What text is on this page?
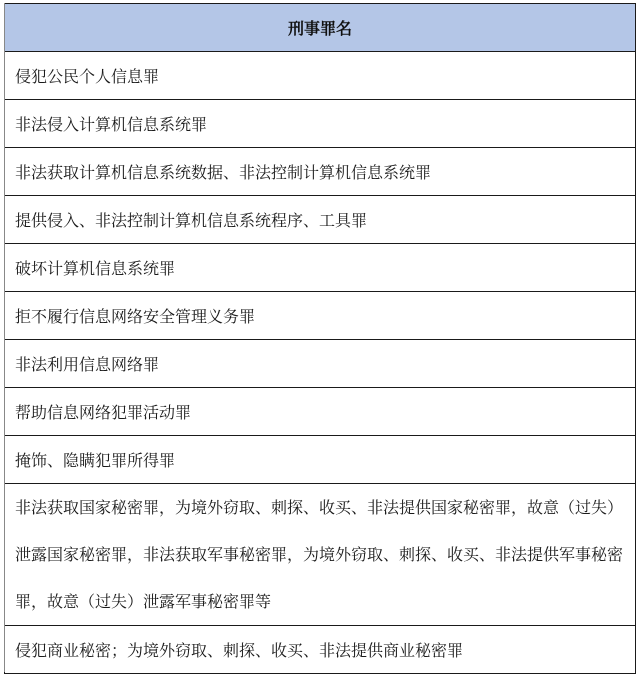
刑事罪名
侵犯公民个人信息罪
非法侵入计算机信息系统罪
非法获取计算机信息系统数据、非法控制计算机信息系统罪
提供侵入、非法控制计算机信息系统程序、工具罪
破坏计算机信息系统罪
拒不履行信息网络安全管理义务罪
非法利用信息网络罪
帮助信息网络犯罪活动罪
掩饰、隐瞒犯罪所得罪
非法获取国家秘密罪，为境外窃取、刺探、收买、非法提供国家秘密罪，故意（过失）泄露国家秘密罪，非法获取军事秘密罪，为境外窃取、刺探、收买、非法提供军事秘密罪，故意（过失）泄露军事秘密罪等
侵犯商业秘密；为境外窃取、刺探、收买、非法提供商业秘密罪
